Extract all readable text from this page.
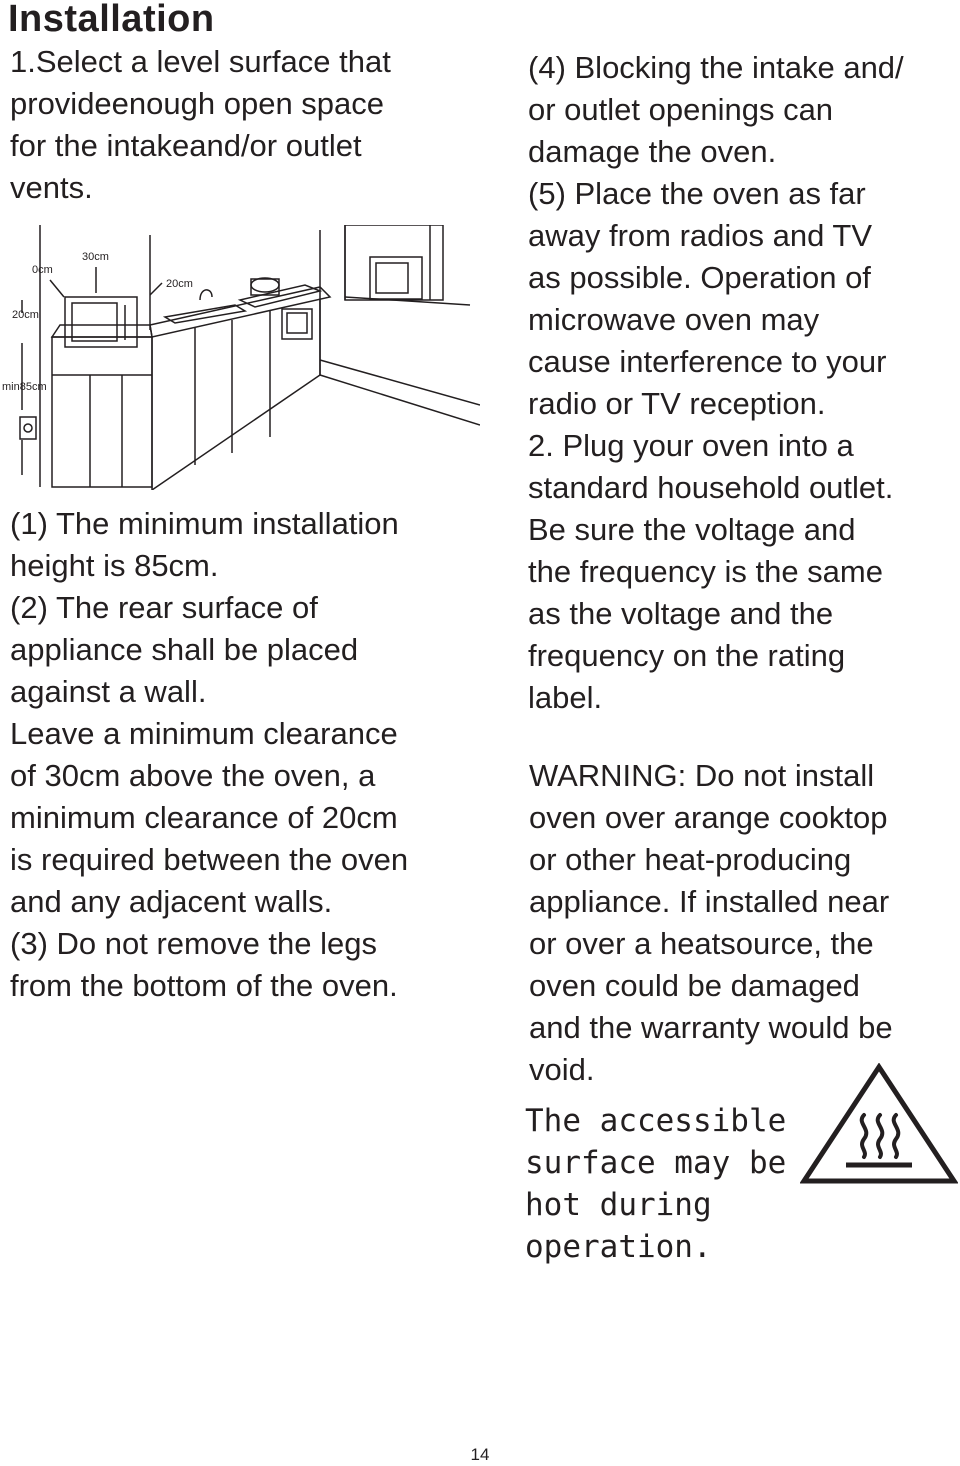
Installation

1.Select a level surface that
provideenough open space
for the intakeand/or outlet
vents.

30cm
0cm
20cm
20cm
min85cm

(1) The minimum installation
height is 85cm.

(2) The rear surface of
appliance shall be placed
against a wall.
Leave a minimum clearance
of 30cm above the oven, a
minimum clearance of 20cm
is required between the oven
and any adjacent walls.

(3) Do not remove the legs
from the bottom of the oven.

(4) Blocking the intake and/
or outlet openings can
damage the oven.

(5) Place the oven as far
away from radios and TV
as possible. Operation of
microwave oven may
cause interference to your
radio or TV reception.

2. Plug your oven into a
standard household outlet.
Be sure the voltage and
the frequency is the same
as the voltage and the
frequency on the rating
label.

WARNING: Do not install
oven over arange cooktop
or other heat-producing
appliance. If installed near
or over a heatsource, the
oven could be damaged
and the warranty would be
void.

The accessible
surface may be
hot during operation.

14
